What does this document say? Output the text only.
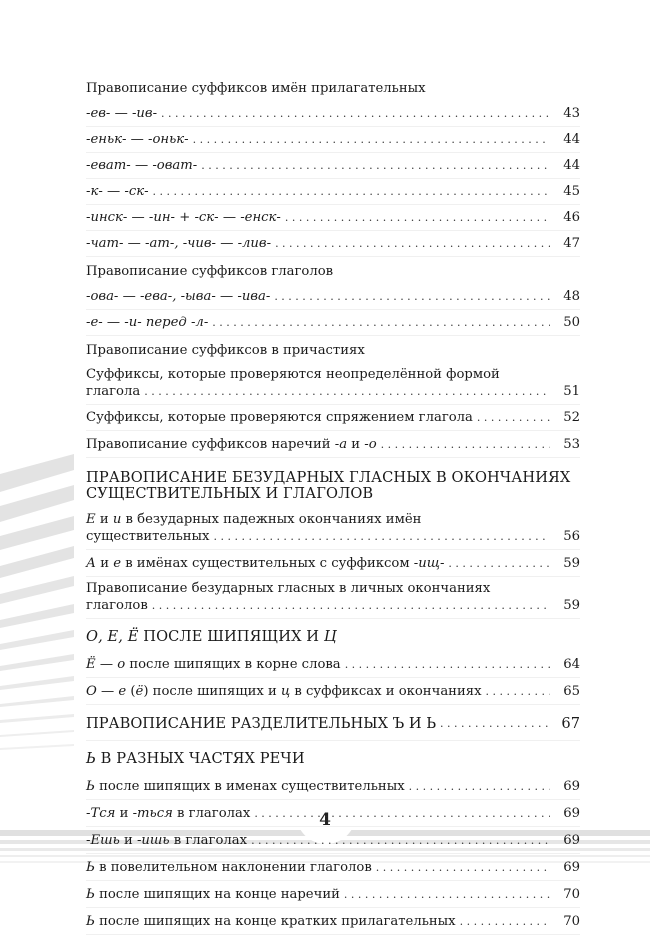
4
Правописание суффиксов имён прилагательных
-ев- — -ив- . . .	43
-еньк- — -оньк- . . .	44
-еват- — -оват- . . .	44
-к- — -ск- . . .	45
-инск- — -ин- + -ск- — -енск- . . .	46
-чат- — -ат-, -чив- — -лив- . . .	47
Правописание суффиксов глаголов
-ова- — -ева-, -ыва- — -ива- . . .	48
-е- — -и- перед -л- . . .	50
Правописание суффиксов в причастиях
Суффиксы, которые проверяются неопределённой формой
глагола . . .	51
Суффиксы, которые проверяются спряжением глагола . . .	52
Правописание суффиксов наречий -а и -о . . .	53
ПРАВОПИСАНИЕ БЕЗУДАРНЫХ ГЛАСНЫХ В ОКОНЧАНИЯХ
СУЩЕСТВИТЕЛЬНЫХ И ГЛАГОЛОВ
Е и и в безударных падежных окончаниях имён
существительных . . .	56
А и е в имёнах существительных с суффиксом -ищ- . . .	59
Правописание безударных гласных в личных окончаниях
глаголов . . .	59
О, Е, Ё ПОСЛЕ ШИПЯЩИХ И Ц
Ё — о после шипящих в корне слова . . .	64
О — е (ё) после шипящих и ц в суффиксах и окончаниях . . .	65
ПРАВОПИСАНИЕ РАЗДЕЛИТЕЛЬНЫХ Ъ И Ь . . .	67
Ь В РАЗНЫХ ЧАСТЯХ РЕЧИ
Ь после шипящих в именах существительных . . .	69
-Тся и -ться в глаголах . . .	69
-Ешь и -ишь в глаголах . . .	69
Ь в повелительном наклонении глаголов . . .	69
Ь после шипящих на конце наречий . . .	70
Ь после шипящих на конце кратких прилагательных . . .	70
